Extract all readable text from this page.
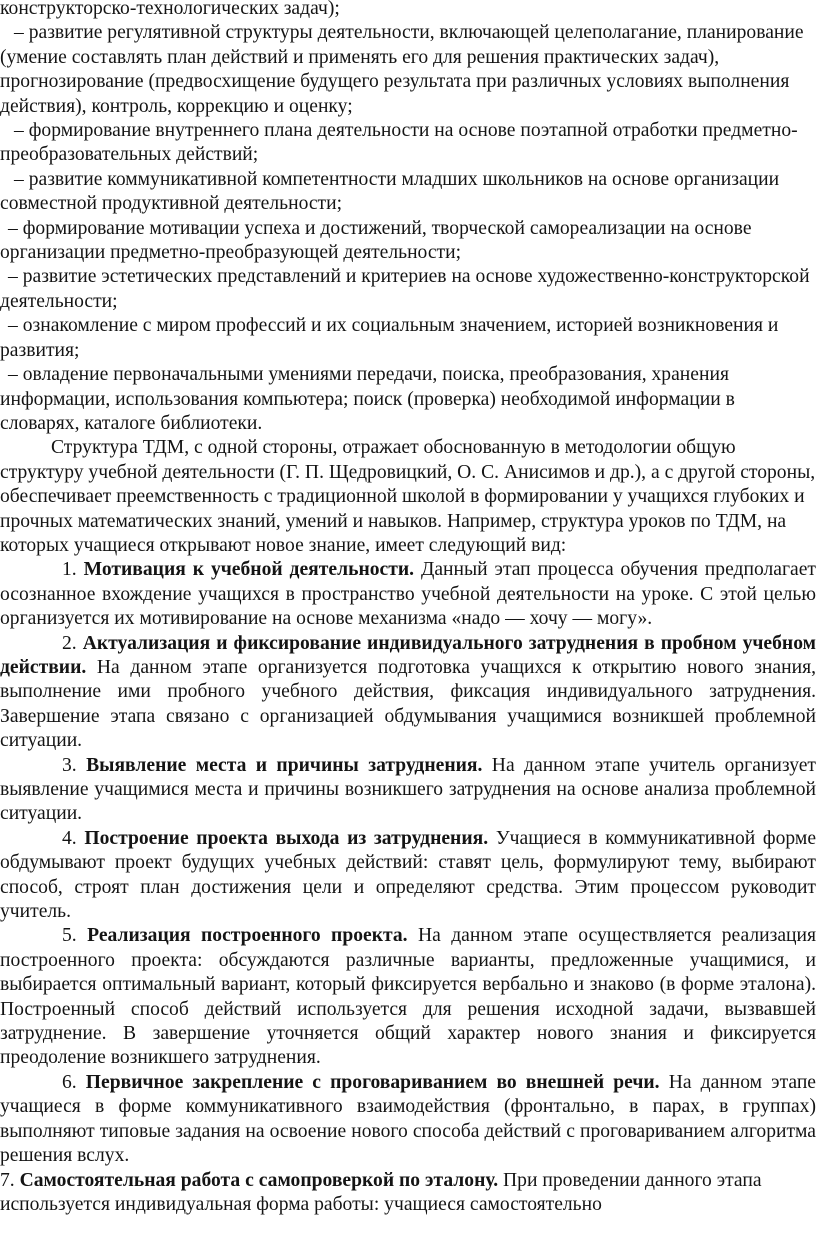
конструкторско-технологических задач);

– развитие регулятивной структуры деятельности, включающей целеполагание, планирование (умение составлять план действий и применять его для решения практических задач), прогнозирование (предвосхищение будущего результата при различных условиях выполнения действия), контроль, коррекцию и оценку;

– формирование внутреннего плана деятельности на основе поэтапной отработки предметно-преобразовательных действий;

– развитие коммуникативной компетентности младших школьников на основе организации совместной продуктивной деятельности;

– формирование мотивации успеха и достижений, творческой самореализации на основе организации предметно-преобразующей деятельности;

– развитие эстетических представлений и критериев на основе художественно-конструкторской деятельности;

– ознакомление с миром профессий и их социальным значением, историей возникновения и развития;

– овладение первоначальными умениями передачи, поиска, преобразования, хранения информации, использования компьютера; поиск (проверка) необходимой информации в словарях, каталоге библиотеки.

Структура ТДМ, с одной стороны, отражает обоснованную в методологии общую структуру учебной деятельности (Г. П. Щедровицкий, О. С. Анисимов и др.), а с другой стороны, обеспечивает преемственность с традиционной школой в формировании у учащихся глубоких и прочных математических знаний, умений и навыков. Например, структура уроков по ТДМ, на которых учащиеся открывают новое знание, имеет следующий вид:

1. Мотивация к учебной деятельности. Данный этап процесса обучения предполагает осознанное вхождение учащихся в пространство учебной деятельности на уроке. С этой целью организуется их мотивирование на основе механизма «надо — хочу — могу».

2. Актуализация и фиксирование индивидуального затруднения в пробном учебном действии. На данном этапе организуется подготовка учащихся к открытию нового знания, выполнение ими пробного учебного действия, фиксация индивидуального затруднения. Завершение этапа связано с организацией обдумывания учащимися возникшей проблемной ситуации.

3. Выявление места и причины затруднения. На данном этапе учитель организует выявление учащимися места и причины возникшего затруднения на основе анализа проблемной ситуации.

4. Построение проекта выхода из затруднения. Учащиеся в коммуникативной форме обдумывают проект будущих учебных действий: ставят цель, формулируют тему, выбирают способ, строят план достижения цели и определяют средства. Этим процессом руководит учитель.

5. Реализация построенного проекта. На данном этапе осуществляется реализация построенного проекта: обсуждаются различные варианты, предложенные учащимися, и выбирается оптимальный вариант, который фиксируется вербально и знаково (в форме эталона). Построенный способ действий используется для решения исходной задачи, вызвавшей затруднение. В завершение уточняется общий характер нового знания и фиксируется преодоление возникшего затруднения.

6. Первичное закрепление с проговариванием во внешней речи. На данном этапе учащиеся в форме коммуникативного взаимодействия (фронтально, в парах, в группах) выполняют типовые задания на освоение нового способа действий с проговариванием алгоритма решения вслух.

7. Самостоятельная работа с самопроверкой по эталону. При проведении данного этапа используется индивидуальная форма работы: учащиеся самостоятельно
